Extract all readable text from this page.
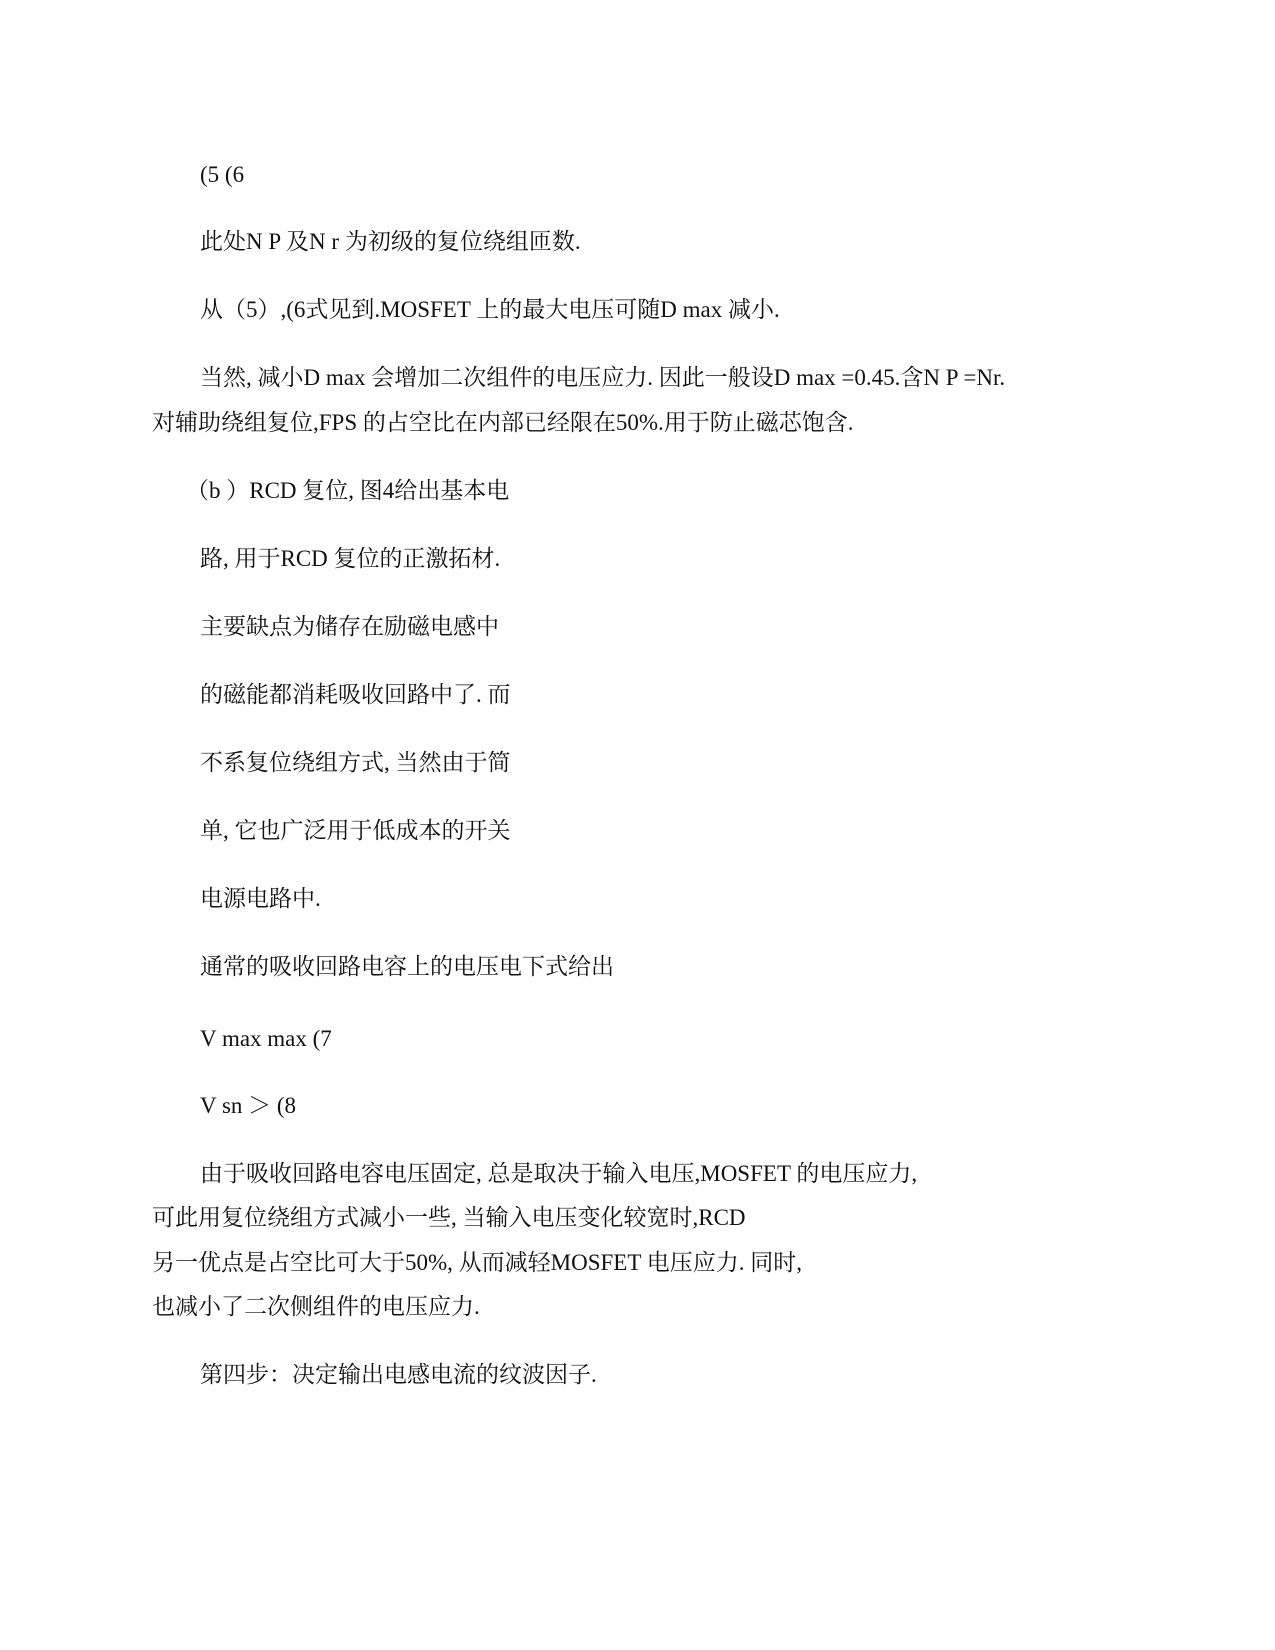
(5 (6

此处N P 及N r 为初级的复位绕组匝数.

从（5）,(6式见到.MOSFET 上的最大电压可随D max 减小.

当然, 减小D max 会增加二次组件的电压应力. 因此一般设D max =0.45.含N P =Nr.

对辅助绕组复位,FPS 的占空比在内部已经限在50%.用于防止磁芯饱含.

（b ）RCD 复位, 图4给出基本电

路, 用于RCD 复位的正激拓材.

主要缺点为储存在励磁电感中

的磁能都消耗吸收回路中了. 而

不系复位绕组方式, 当然由于简

单, 它也广泛用于低成本的开关

电源电路中.

通常的吸收回路电容上的电压电下式给出

V max max (7

V sn ＞ (8

由于吸收回路电容电压固定, 总是取决于输入电压,MOSFET 的电压应力,

可此用复位绕组方式减小一些, 当输入电压变化较宽时,RCD

另一优点是占空比可大于50%, 从而减轻MOSFET 电压应力. 同时,

也减小了二次侧组件的电压应力.

第四步：决定输出电感电流的纹波因子.
